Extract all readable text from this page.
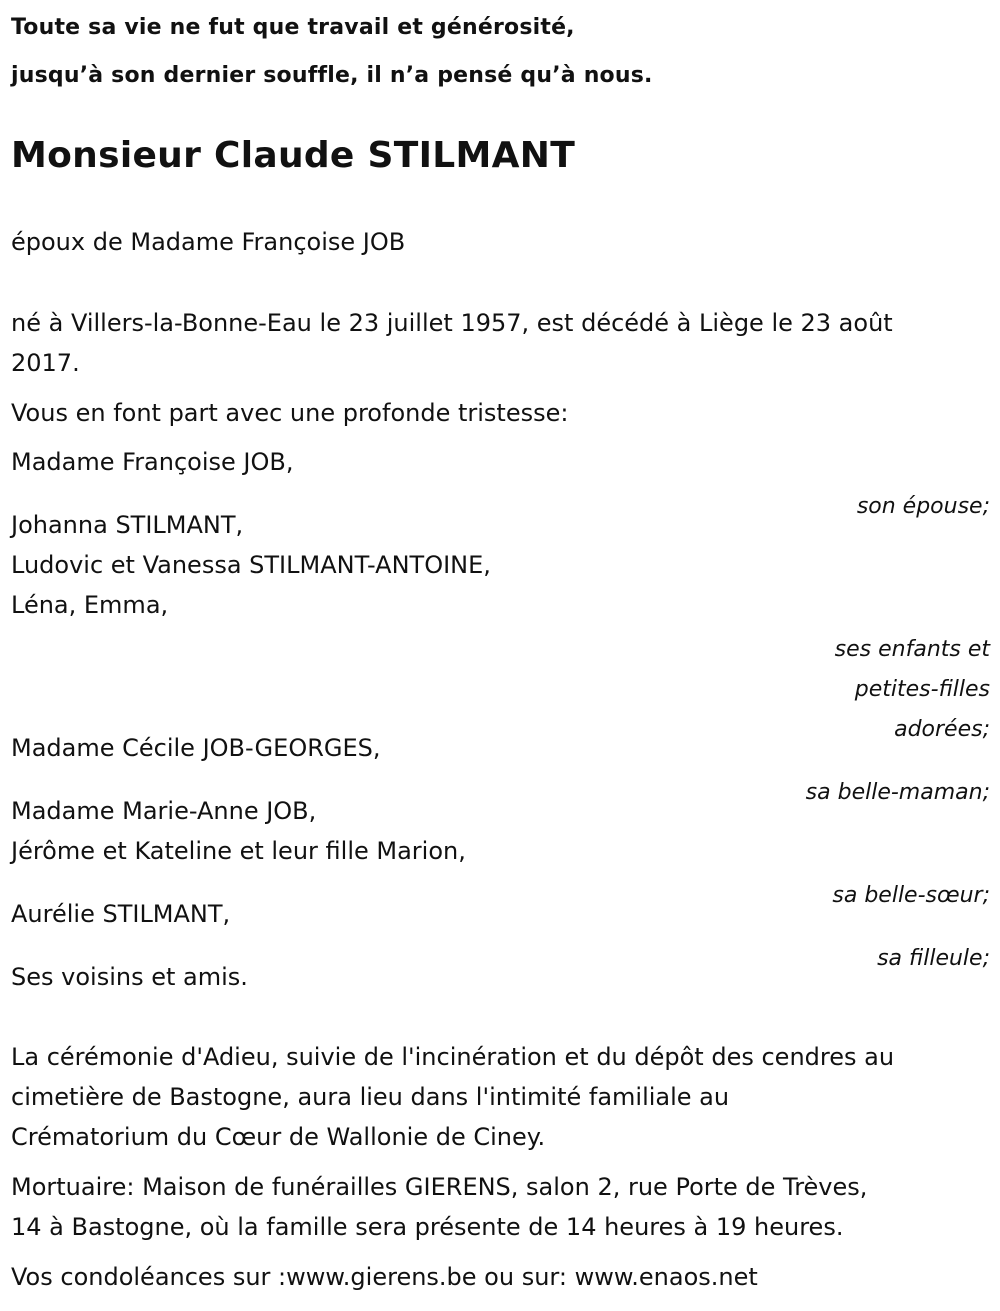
Toute sa vie ne fut que travail et générosité,

jusqu’à son dernier souffle, il n’a pensé qu’à nous.

Monsieur Claude STILMANT

époux de Madame Françoise JOB

né à Villers-la-Bonne-Eau le 23 juillet 1957, est décédé à Liège le 23 août

2017.

Vous en font part avec une profonde tristesse:

Madame Françoise JOB,

son épouse;

Johanna STILMANT,

Ludovic et Vanessa STILMANT-ANTOINE,

Léna, Emma,

ses enfants et

petites-filles

adorées;

Madame Cécile JOB-GEORGES,

sa belle-maman;

Madame Marie-Anne JOB,

Jérôme et Kateline et leur fille Marion,

sa belle-sœur;

Aurélie STILMANT,

sa filleule;

Ses voisins et amis.

La cérémonie d'Adieu, suivie de l'incinération et du dépôt des cendres au

cimetière de Bastogne, aura lieu dans l'intimité familiale au

Crématorium du Cœur de Wallonie de Ciney.

Mortuaire: Maison de funérailles GIERENS, salon 2, rue Porte de Trèves,

14 à Bastogne, où la famille sera présente de 14 heures à 19 heures.

Vos condoléances sur :www.gierens.be ou sur: www.enaos.net
